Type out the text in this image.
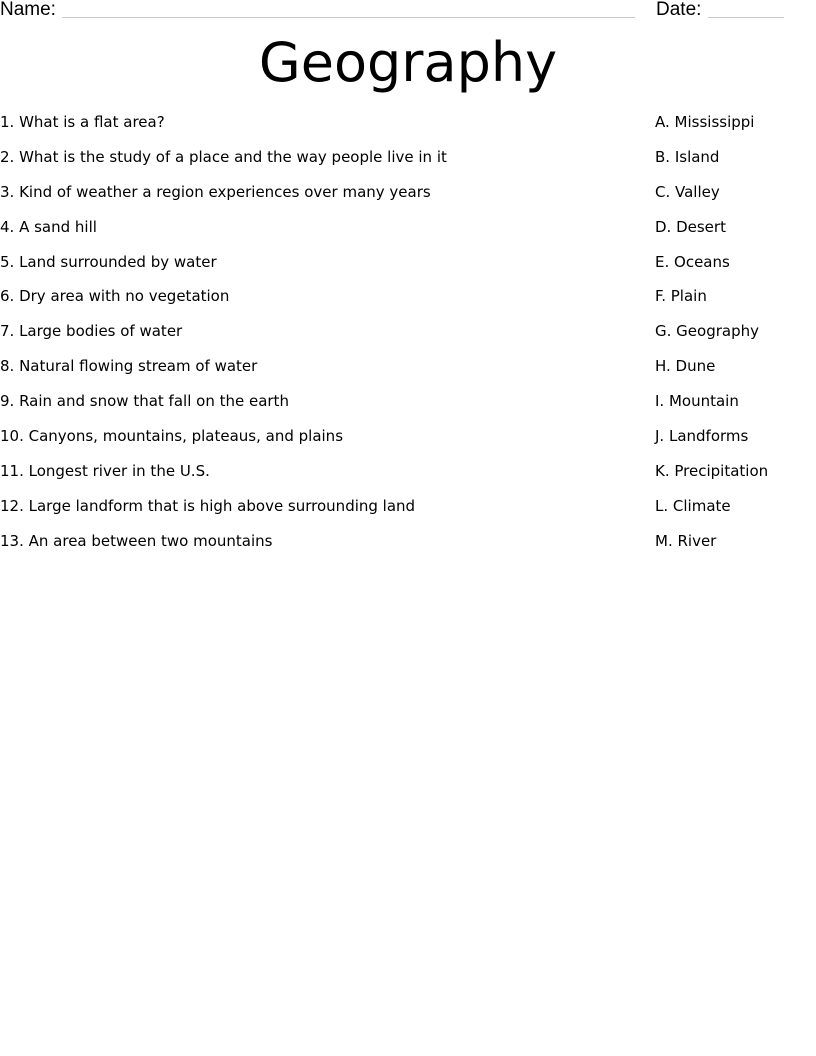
Name:	Date:
Geography
1. What is a flat area?
2. What is the study of a place and the way people live in it
3. Kind of weather a region experiences over many years
4. A sand hill
5. Land surrounded by water
6. Dry area with no vegetation
7. Large bodies of water
8. Natural flowing stream of water
9. Rain and snow that fall on the earth
10. Canyons, mountains, plateaus, and plains
11. Longest river in the U.S.
12. Large landform that is high above surrounding land
13. An area between two mountains
A. Mississippi
B. Island
C. Valley
D. Desert
E. Oceans
F. Plain
G. Geography
H. Dune
I. Mountain
J. Landforms
K. Precipitation
L. Climate
M. River
